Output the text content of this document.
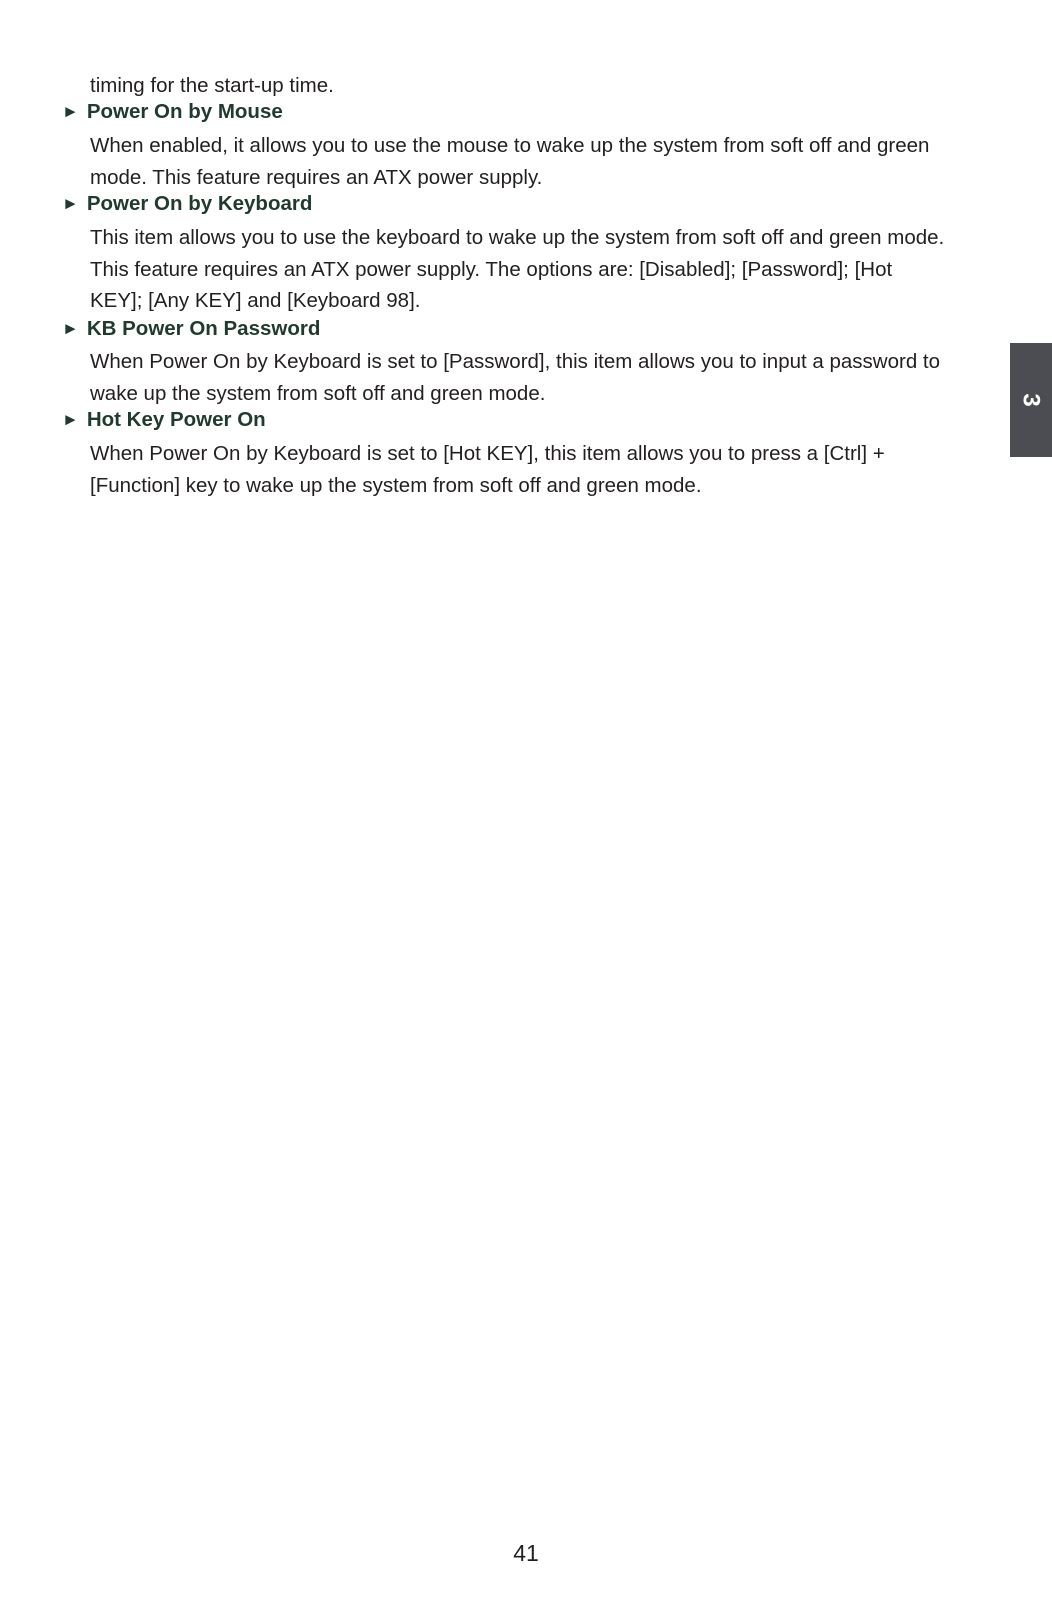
timing for the start-up time.
► Power On by Mouse
When enabled, it allows you to use the mouse to wake up the system from soft off and green
mode. This feature requires an ATX power supply.
► Power On by Keyboard
This item allows you to use the keyboard to wake up the system from soft off and green mode.
This feature requires an ATX power supply. The options are: [Disabled]; [Password]; [Hot
KEY]; [Any KEY] and [Keyboard 98].
► KB Power On Password
When Power On by Keyboard is set to [Password], this item allows you to input a password to
wake up the system from soft off and green mode.
► Hot Key Power On
When Power On by Keyboard is set to [Hot KEY], this item allows you to press a [Ctrl] +
[Function] key to wake up the system from soft off and green mode.
3
41
